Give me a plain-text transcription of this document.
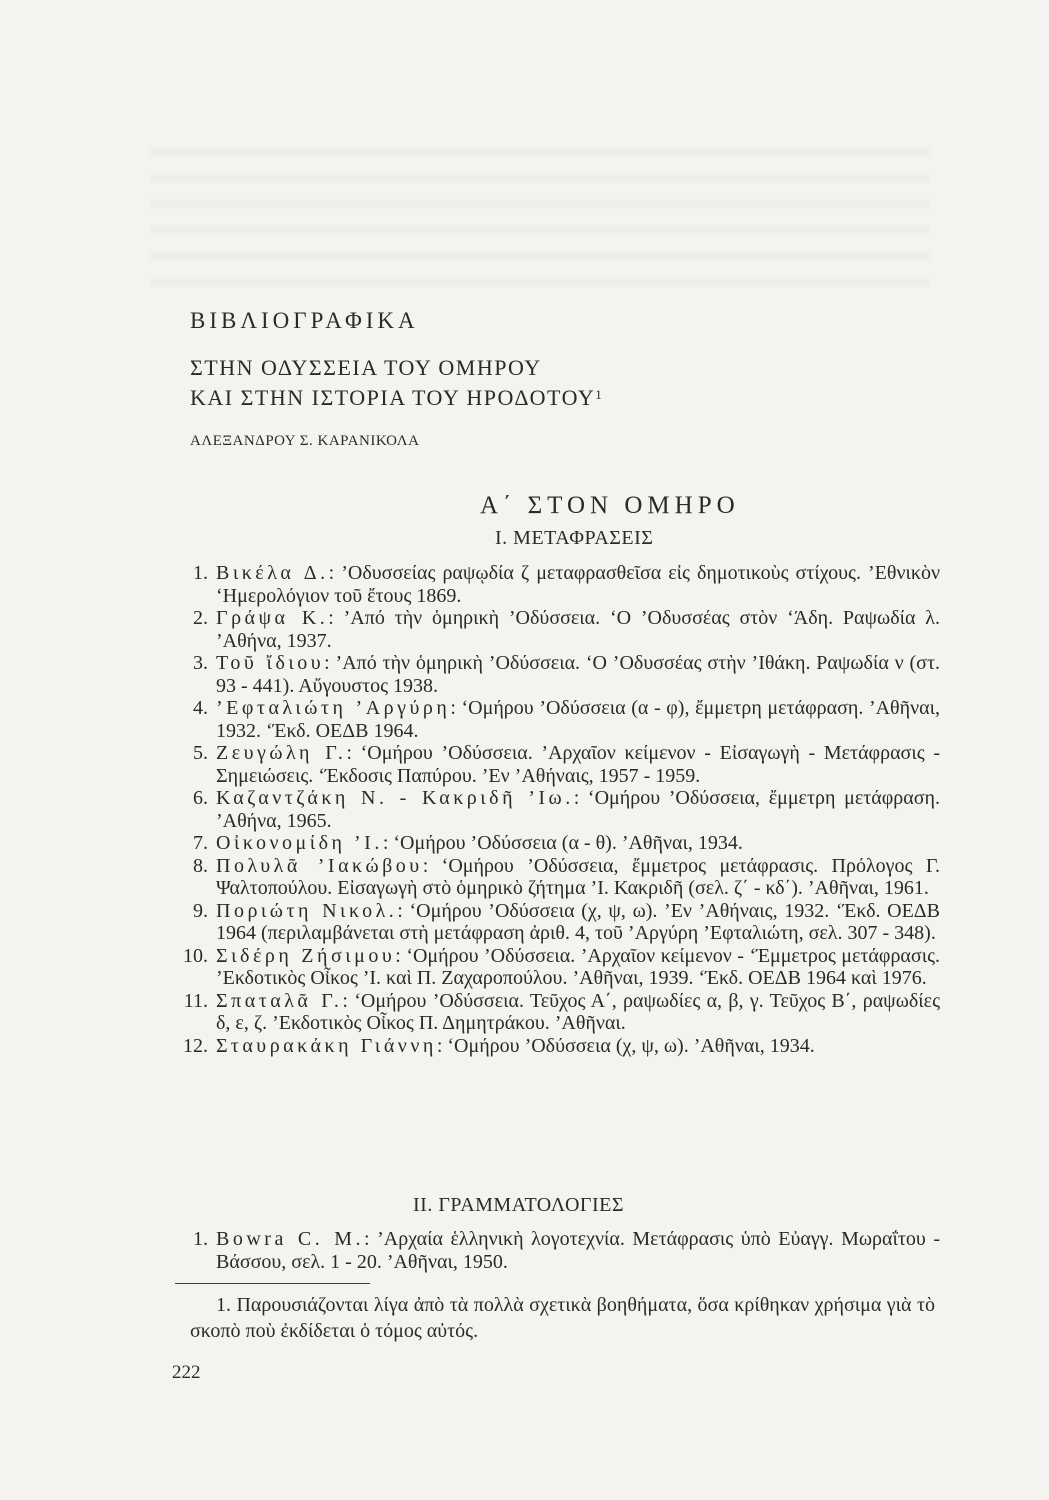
ΒΙΒΛΙΟΓΡΑΦΙΚΑ
ΣΤΗΝ ΟΔΥΣΣΕΙΑ ΤΟΥ ΟΜΗΡΟΥ
ΚΑΙ ΣΤΗΝ ΙΣΤΟΡΙΑ ΤΟΥ ΗΡΟΔΟΤΟΥ$^1$
ΑΛΕΞΑΝΔΡΟΥ Σ. ΚΑΡΑΝΙΚΟΛΑ
Α΄ ΣΤΟΝ ΟΜΗΡΟ
Ι. ΜΕΤΑΦΡΑΣΕΙΣ
1. Βικέλα Δ.: ’Οδυσσείας ραψῳδία ζ μεταφρασθεῖσα εἰς δημοτικοὺς στίχους. ’Εθνικὸν ‘Ημερολόγιον τοῦ ἔτους 1869.
2. Γράψα Κ.: ’Από τὴν ὁμηρικὴ ’Οδύσσεια. ‘Ο ’Οδυσσέας στὸν ‘Άδη. Ραψωδία λ. ’Αθήνα, 1937.
3. Τοῦ ἴδιου: ’Από τὴν ὁμηρικὴ ’Οδύσσεια. ‘Ο ’Οδυσσέας στὴν ’Ιθάκη. Ραψωδία ν (στ. 93 - 441). Αὔγουστος 1938.
4. ’Εφταλιώτη ’Αργύρη: ‘Ομήρου ’Οδύσσεια (α - φ), ἔμμετρη μετάφραση. ’Αθῆναι, 1932. ‘Έκδ. ΟΕΔΒ 1964.
5. Ζευγώλη Γ.: ‘Ομήρου ’Οδύσσεια. ’Αρχαῖον κείμενον - Εἰσαγωγὴ - Μετάφρασις - Σημειώσεις. ‘Έκδοσις Παπύρου. ’Εν ’Αθήναις, 1957 - 1959.
6. Καζαντζάκη Ν. - Κακριδῆ ’Ιω.: ‘Ομήρου ’Οδύσσεια, ἔμμετρη μετάφραση. ’Αθήνα, 1965.
7. Οἰκονομίδη ’Ι.: ‘Ομήρου ’Οδύσσεια (α - θ). ’Αθῆναι, 1934.
8. Πολυλᾶ ’Ιακώβου: ‘Ομήρου ’Οδύσσεια, ἔμμετρος μετάφρασις. Πρόλογος Γ. Ψαλτοπούλου. Εἰσαγωγὴ στὸ ὁμηρικὸ ζήτημα ’Ι. Κακριδῆ (σελ. ζ΄ - κδ΄). ’Αθῆναι, 1961.
9. Ποριώτη Νικολ.: ‘Ομήρου ’Οδύσσεια (χ, ψ, ω). ’Εν ’Αθήναις, 1932. ‘Έκδ. ΟΕΔΒ 1964 (περιλαμβάνεται στὴ μετάφραση ἀριθ. 4, τοῦ ’Αργύρη ’Εφταλιώτη, σελ. 307 - 348).
10. Σιδέρη Ζήσιμου: ‘Ομήρου ’Οδύσσεια. ’Αρχαῖον κείμενον - ‘Έμμετρος μετάφρασις. ’Εκδοτικὸς Οἶκος ’Ι. καὶ Π. Ζαχαροπούλου. ’Αθῆναι, 1939. ‘Έκδ. ΟΕΔΒ 1964 καὶ 1976.
11. Σπαταλᾶ Γ.: ‘Ομήρου ’Οδύσσεια. Τεῦχος Α΄, ραψωδίες α, β, γ. Τεῦχος Β΄, ραψωδίες δ, ε, ζ. ’Εκδοτικὸς Οἶκος Π. Δημητράκου. ’Αθῆναι.
12. Σταυρακάκη Γιάννη: ‘Ομήρου ’Οδύσσεια (χ, ψ, ω). ’Αθῆναι, 1934.
ΙΙ. ΓΡΑΜΜΑΤΟΛΟΓΙΕΣ
1. Bowra C. M.: ’Αρχαία ἑλληνικὴ λογοτεχνία. Μετάφρασις ὑπὸ Εὐαγγ. Μωραΐτου - Βάσσου, σελ. 1 - 20. ’Αθῆναι, 1950.

1. Παρουσιάζονται λίγα ἀπὸ τὰ πολλὰ σχετικὰ βοηθήματα, ὅσα κρίθηκαν χρήσιμα γιὰ τὸ σκοπὸ ποὺ ἐκδίδεται ὁ τόμος αὐτός.

222
